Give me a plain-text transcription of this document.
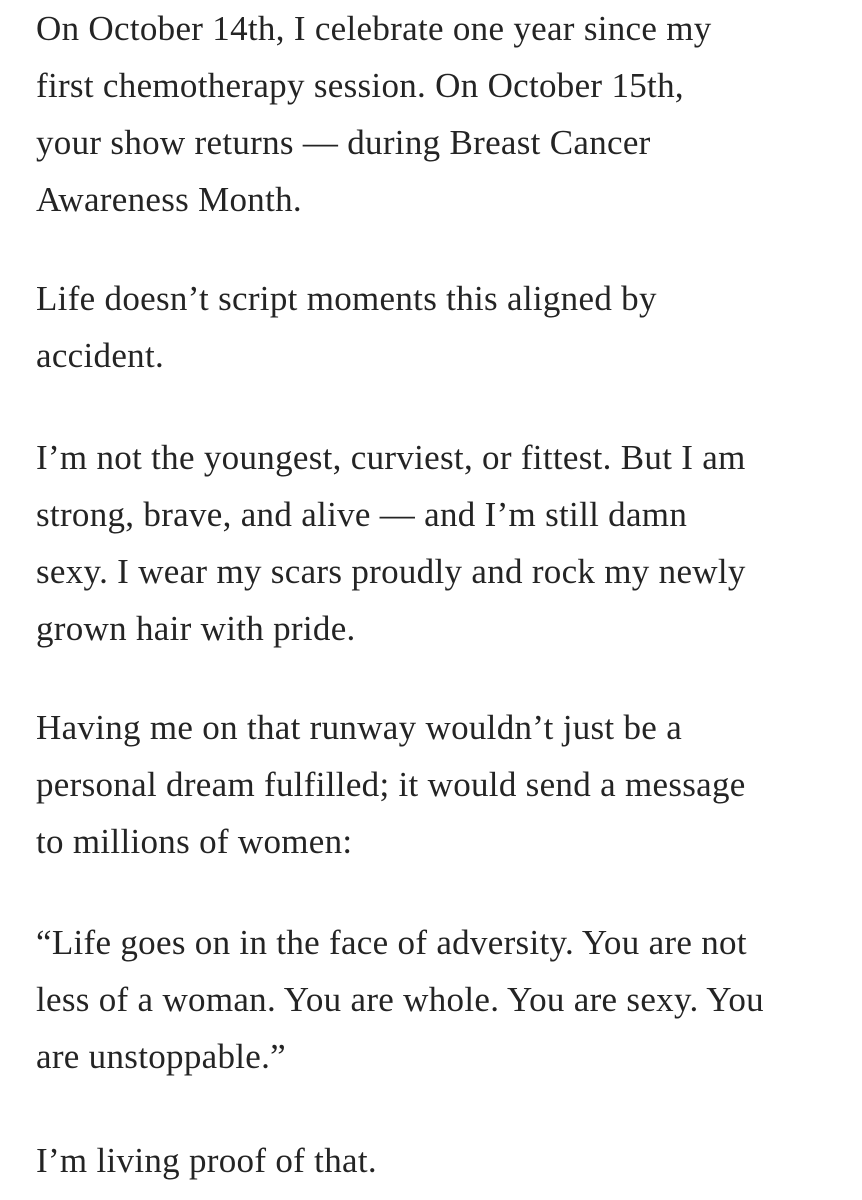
On October 14th, I celebrate one year since my
first chemotherapy session. On October 15th,
your show returns — during Breast Cancer
Awareness Month.

Life doesn’t script moments this aligned by
accident.

I’m not the youngest, curviest, or fittest. But I am
strong, brave, and alive — and I’m still damn
sexy. I wear my scars proudly and rock my newly
grown hair with pride.

Having me on that runway wouldn’t just be a
personal dream fulfilled; it would send a message
to millions of women:

“Life goes on in the face of adversity. You are not
less of a woman. You are whole. You are sexy. You
are unstoppable.”

I’m living proof of that.
